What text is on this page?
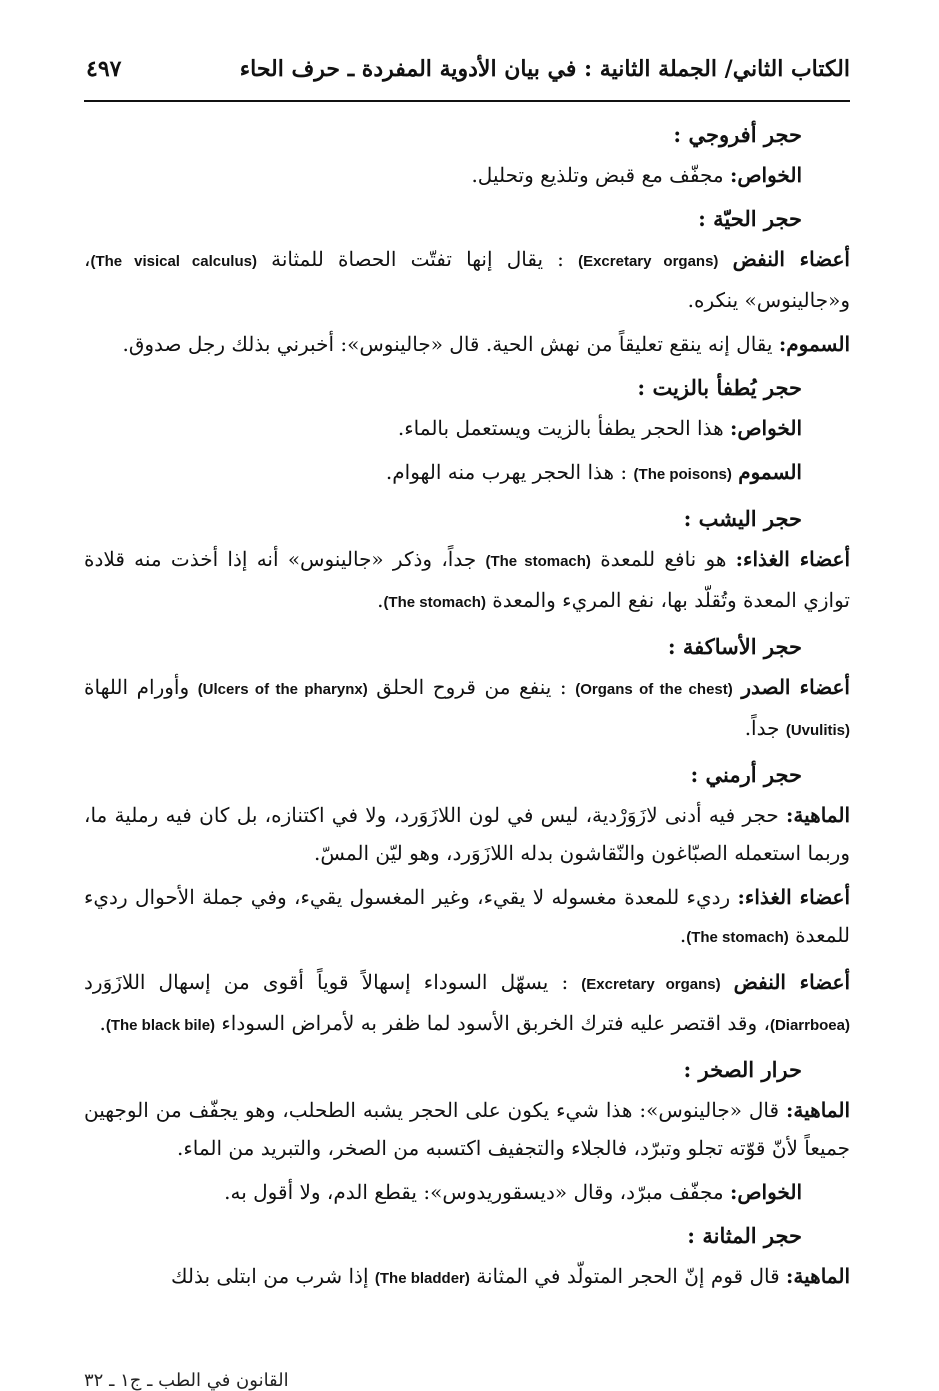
الكتاب الثاني/ الجملة الثانية : في بيان الأدوية المفردة ـ حرف الحاء
٤٩٧
حجر أفروجي :
الخواص: مجفّف مع قبض وتلذيع وتحليل.
حجر الحيّة :
أعضاء النفض (Excretary organs) : يقال إنها تفتّت الحصاة للمثانة (The visical calculus)، و«جالينوس» ينكره.
السموم: يقال إنه ينقع تعليقاً من نهش الحية. قال «جالينوس»: أخبرني بذلك رجل صدوق.
حجر يُطفأ بالزيت :
الخواص: هذا الحجر يطفأ بالزيت ويستعمل بالماء.
السموم (The poisons) : هذا الحجر يهرب منه الهوام.
حجر اليشب :
أعضاء الغذاء: هو نافع للمعدة (The stomach) جداً، وذكر «جالينوس» أنه إذا أخذت منه قلادة توازي المعدة وتُقلّد بها، نفع المريء والمعدة (The stomach).
حجر الأساكفة :
أعضاء الصدر (Organs of the chest) : ينفع من قروح الحلق (Ulcers of the pharynx) وأورام اللهاة (Uvulitis) جداً.
حجر أرمني :
الماهية: حجر فيه أدنى لازَوَرْدية، ليس في لون اللازَوَرد، ولا في اكتنازه، بل كان فيه رملية ما، وربما استعمله الصبّاغون والنّقاشون بدله اللازَوَرد، وهو ليّن المسّ.
أعضاء الغذاء: رديء للمعدة مغسوله لا يقيء، وغير المغسول يقيء، وفي جملة الأحوال رديء للمعدة (The stomach).
أعضاء النفض (Excretary organs) : يسهّل السوداء إسهالاً قوياً أقوى من إسهال اللازَوَرد (Diarrboea)، وقد اقتصر عليه فترك الخربق الأسود لما ظفر به لأمراض السوداء (The black bile).
حرار الصخر :
الماهية: قال «جالينوس»: هذا شيء يكون على الحجر يشبه الطحلب، وهو يجفّف من الوجهين جميعاً لأنّ قوّته تجلو وتبرّد، فالجلاء والتجفيف اكتسبه من الصخر، والتبريد من الماء.
الخواص: مجفّف مبرّد، وقال «ديسقوريدوس»: يقطع الدم، ولا أقول به.
حجر المثانة :
الماهية: قال قوم إنّ الحجر المتولّد في المثانة (The bladder) إذا شرب من ابتلى بذلك
القانون في الطب ـ ج١ ـ ٣٢
